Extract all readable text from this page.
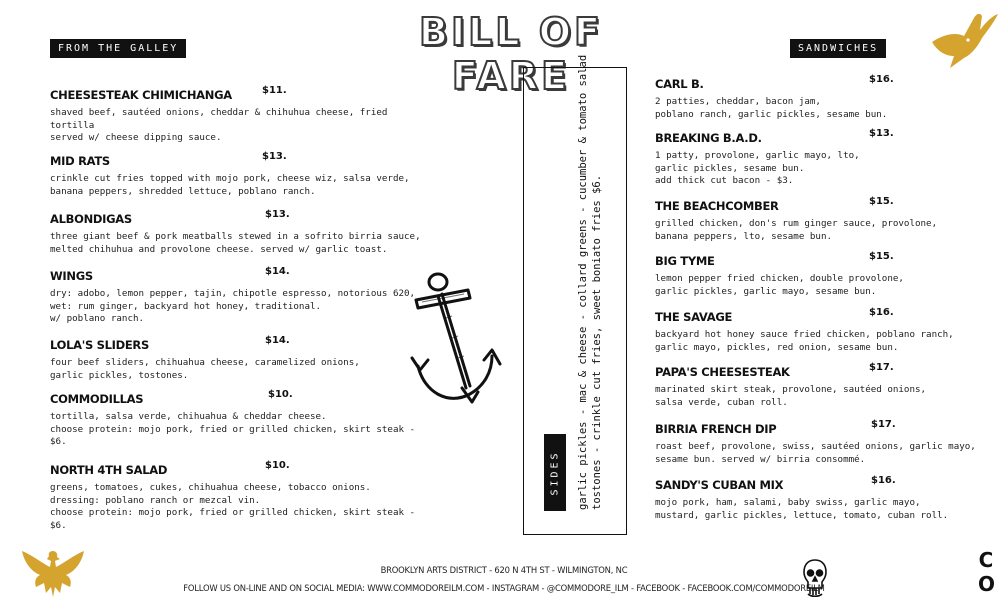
FROM THE GALLEY	BILL OF FARE
SANDWICHES
CHEESESTEAK CHIMICHANGA	$11.
shaved beef, sautéed onions, cheddar & chihuhua cheese, fried tortilla
served w/ cheese dipping sauce.
MID RATS	$13.
crinkle cut fries topped with mojo pork, cheese wiz, salsa verde,
banana peppers, shredded lettuce, poblano ranch.
ALBONDIGAS	$13.
three giant beef & pork meatballs stewed in a sofrito birria sauce,
melted chihuhua and provolone cheese. served w/ garlic toast.
WINGS	$14.
dry: adobo, lemon pepper, tajin, chipotle espresso, notorious 620,
wet: rum ginger, backyard hot honey, traditional.
w/ poblano ranch.
LOLA'S SLIDERS	$14.
four beef sliders, chihuahua cheese, caramelized onions,
garlic pickles, tostones.
COMMODILLAS	$10.
tortilla, salsa verde, chihuahua & cheddar cheese.
choose protein: mojo pork, fried or grilled chicken, skirt steak - $6.
NORTH 4TH SALAD	$10.
greens, tomatoes, cukes, chihuahua cheese, tobacco onions.
dressing: poblano ranch or mezcal vin.
choose protein: mojo pork, fried or grilled chicken, skirt steak - $6.
SIDES garlic pickles - mac & cheese - collard greens - cucumber & tomato salad tostones - crinkle cut fries, sweet boniato fries $6.
CARL B.	$16.
2 patties, cheddar, bacon jam,
poblano ranch, garlic pickles, sesame bun.
BREAKING B.A.D.	$13.
1 patty, provolone, garlic mayo, lto,
garlic pickles, sesame bun.
add thick cut bacon - $3.
THE BEACHCOMBER	$15.
grilled chicken, don's rum ginger sauce, provolone,
banana peppers, lto, sesame bun.
BIG TYME	$15.
lemon pepper fried chicken, double provolone,
garlic pickles, garlic mayo, sesame bun.
THE SAVAGE	$16.
backyard hot honey sauce fried chicken, poblano ranch,
garlic mayo, pickles, red onion, sesame bun.
PAPA'S CHEESESTEAK	$17.
marinated skirt steak, provolone, sautéed onions,
salsa verde, cuban roll.
BIRRIA FRENCH DIP	$17.
roast beef, provolone, swiss, sautéed onions, garlic mayo,
sesame bun. served w/ birria consommé.
SANDY'S CUBAN MIX	$16.
mojo pork, ham, salami, baby swiss, garlic mayo,
mustard, garlic pickles, lettuce, tomato, cuban roll.
BROOKLYN ARTS DISTRICT - 620 N 4TH ST - WILMINGTON, NC
FOLLOW US ON-LINE AND ON SOCIAL MEDIA: WWW.COMMODOREILM.COM - INSTAGRAM - @COMMODORE_ILM - FACEBOOK - FACEBOOK.COM/COMMODOREILM
CO
